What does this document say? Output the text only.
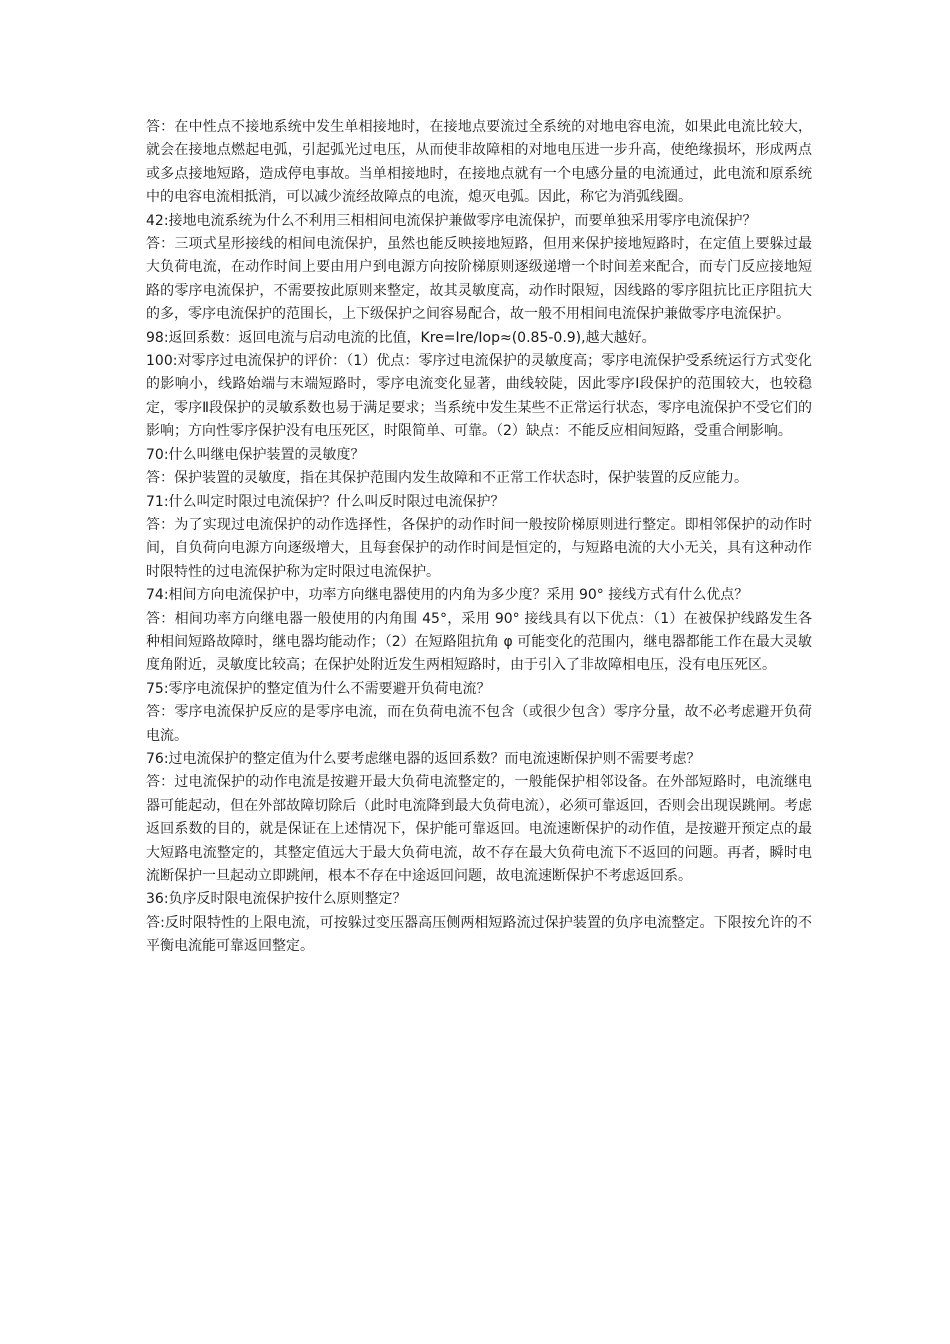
答：在中性点不接地系统中发生单相接地时，在接地点要流过全系统的对地电容电流，如果此电流比较大，就会在接地点燃起电弧，引起弧光过电压，从而使非故障相的对地电压进一步升高，使绝缘损坏，形成两点或多点接地短路，造成停电事故。当单相接地时，在接地点就有一个电感分量的电流通过，此电流和原系统中的电容电流相抵消，可以减少流经故障点的电流，熄灭电弧。因此，称它为消弧线圈。

42:接地电流系统为什么不利用三相相间电流保护兼做零序电流保护，而要单独采用零序电流保护？

答：三项式星形接线的相间电流保护，虽然也能反映接地短路，但用来保护接地短路时，在定值上要躲过最大负荷电流，在动作时间上要由用户到电源方向按阶梯原则逐级递增一个时间差来配合，而专门反应接地短路的零序电流保护，不需要按此原则来整定，故其灵敏度高，动作时限短，因线路的零序阻抗比正序阻抗大的多，零序电流保护的范围长，上下级保护之间容易配合，故一般不用相间电流保护兼做零序电流保护。

98:返回系数：返回电流与启动电流的比值，Kre=Ire/Iop≈(0.85-0.9),越大越好。

100:对零序过电流保护的评价：（1）优点：零序过电流保护的灵敏度高；零序电流保护受系统运行方式变化的影响小，线路始端与末端短路时，零序电流变化显著，曲线较陡，因此零序Ⅰ段保护的范围较大，也较稳定，零序Ⅱ段保护的灵敏系数也易于满足要求；当系统中发生某些不正常运行状态，零序电流保护不受它们的影响；方向性零序保护没有电压死区，时限简单、可靠。（2）缺点：不能反应相间短路，受重合闸影响。

70:什么叫继电保护装置的灵敏度？

答：保护装置的灵敏度，指在其保护范围内发生故障和不正常工作状态时，保护装置的反应能力。

71:什么叫定时限过电流保护？什么叫反时限过电流保护？

答：为了实现过电流保护的动作选择性，各保护的动作时间一般按阶梯原则进行整定。即相邻保护的动作时间，自负荷向电源方向逐级增大，且每套保护的动作时间是恒定的，与短路电流的大小无关，具有这种动作时限特性的过电流保护称为定时限过电流保护。

74:相间方向电流保护中，功率方向继电器使用的内角为多少度？采用 90° 接线方式有什么优点？

答：相间功率方向继电器一般使用的内角围 45°，采用 90° 接线具有以下优点：（1）在被保护线路发生各种相间短路故障时，继电器均能动作；（2）在短路阻抗角 φ 可能变化的范围内，继电器都能工作在最大灵敏度角附近，灵敏度比较高；在保护处附近发生两相短路时，由于引入了非故障相电压，没有电压死区。

75:零序电流保护的整定值为什么不需要避开负荷电流？

答：零序电流保护反应的是零序电流，而在负荷电流不包含（或很少包含）零序分量，故不必考虑避开负荷电流。

76:过电流保护的整定值为什么要考虑继电器的返回系数？而电流速断保护则不需要考虑？

答：过电流保护的动作电流是按避开最大负荷电流整定的，一般能保护相邻设备。在外部短路时，电流继电器可能起动，但在外部故障切除后（此时电流降到最大负荷电流），必须可靠返回，否则会出现误跳闸。考虑返回系数的目的，就是保证在上述情况下，保护能可靠返回。电流速断保护的动作值，是按避开预定点的最大短路电流整定的，其整定值远大于最大负荷电流，故不存在最大负荷电流下不返回的问题。再者，瞬时电流断保护一旦起动立即跳闸，根本不存在中途返回问题，故电流速断保护不考虑返回系。

36:负序反时限电流保护按什么原则整定？

答:反时限特性的上限电流，可按躲过变压器高压侧两相短路流过保护装置的负序电流整定。下限按允许的不平衡电流能可靠返回整定。
